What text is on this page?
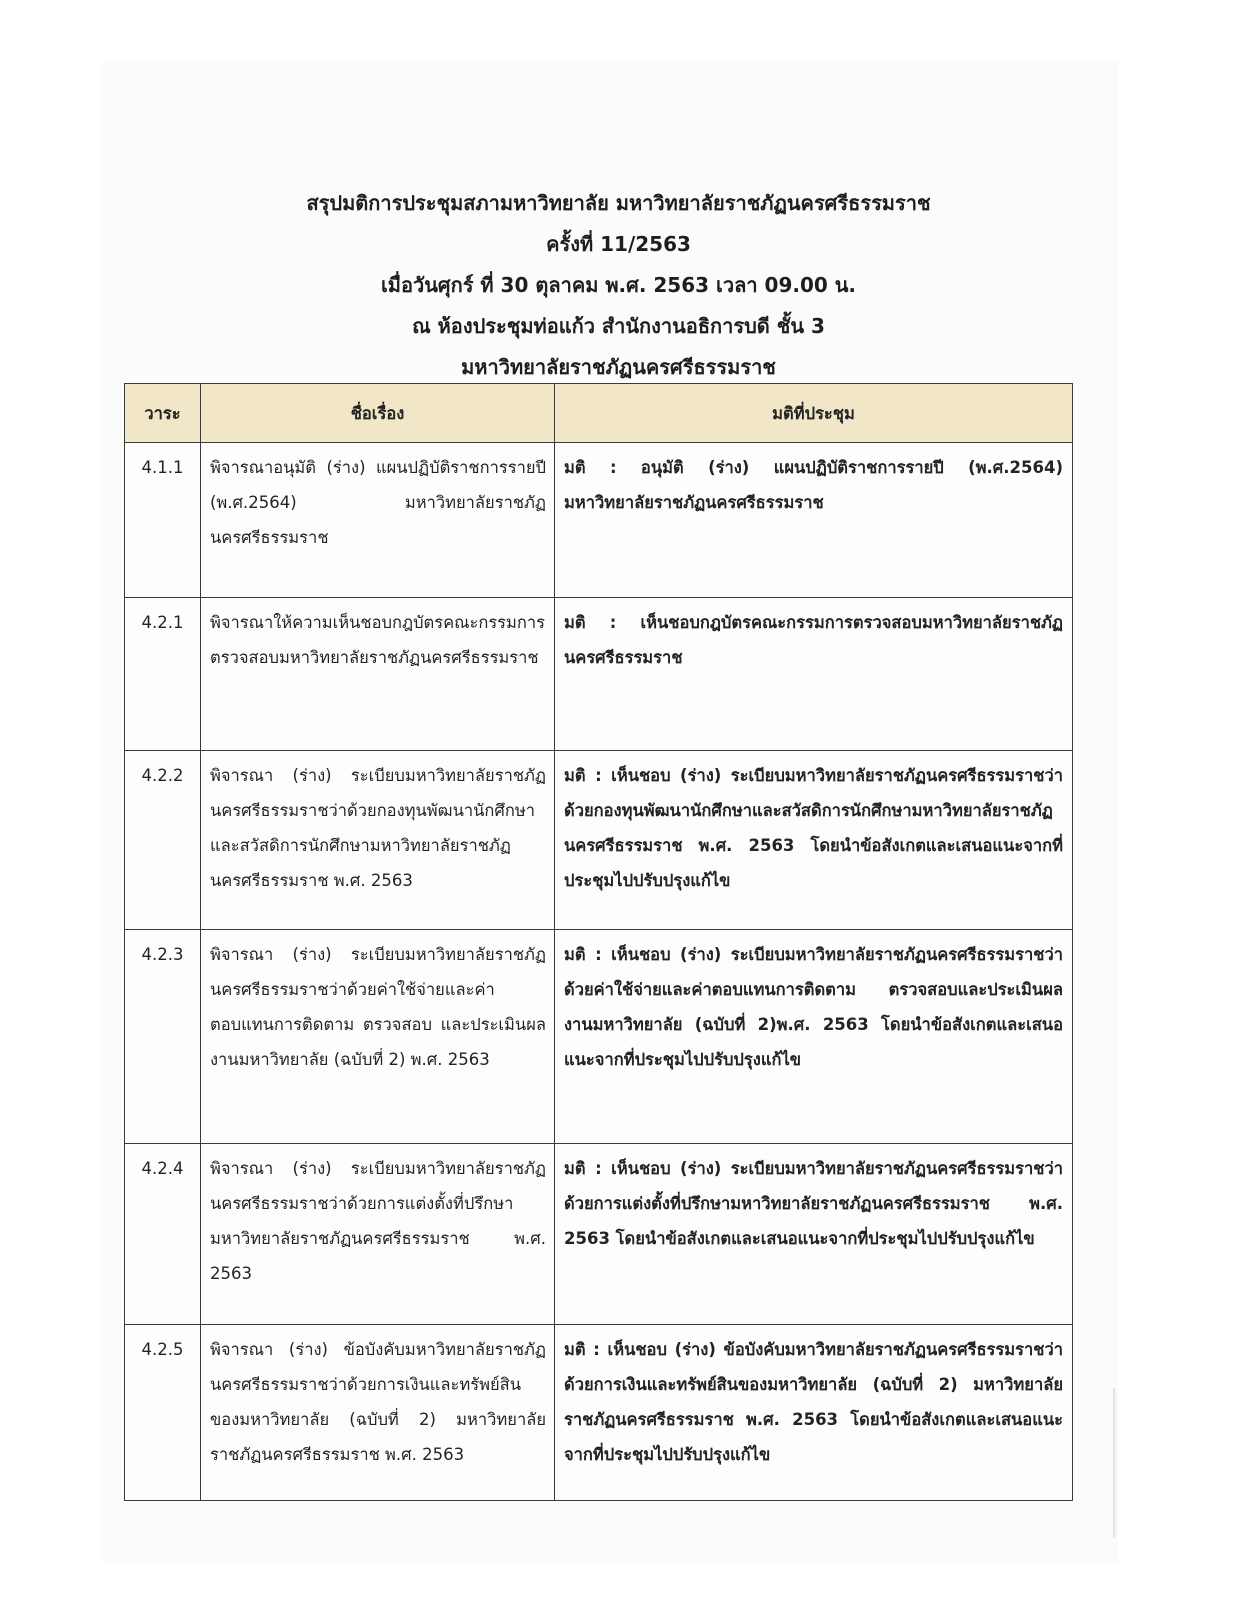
สรุปมติการประชุมสภามหาวิทยาลัย มหาวิทยาลัยราชภัฏนครศรีธรรมราช
ครั้งที่ 11/2563
เมื่อวันศุกร์ ที่ 30 ตุลาคม พ.ศ. 2563 เวลา 09.00 น.
ณ ห้องประชุมท่อแก้ว สำนักงานอธิการบดี ชั้น 3
มหาวิทยาลัยราชภัฏนครศรีธรรมราช
วาระ	ชื่อเรื่อง	มติที่ประชุม
4.1.1	พิจารณาอนุมัติ (ร่าง) แผนปฏิบัติราชการรายปี (พ.ศ.2564) มหาวิทยาลัยราชภัฏนครศรีธรรมราช	มติ : อนุมัติ (ร่าง) แผนปฏิบัติราชการรายปี (พ.ศ.2564) มหาวิทยาลัยราชภัฏนครศรีธรรมราช
4.2.1	พิจารณาให้ความเห็นชอบกฎบัตรคณะกรรมการตรวจสอบมหาวิทยาลัยราชภัฏนครศรีธรรมราช	มติ : เห็นชอบกฎบัตรคณะกรรมการตรวจสอบมหาวิทยาลัยราชภัฏนครศรีธรรมราช
4.2.2	พิจารณา (ร่าง) ระเบียบมหาวิทยาลัยราชภัฏนครศรีธรรมราชว่าด้วยกองทุนพัฒนานักศึกษาและสวัสดิการนักศึกษามหาวิทยาลัยราชภัฏนครศรีธรรมราช พ.ศ. 2563	มติ : เห็นชอบ (ร่าง) ระเบียบมหาวิทยาลัยราชภัฏนครศรีธรรมราชว่าด้วยกองทุนพัฒนานักศึกษาและสวัสดิการนักศึกษามหาวิทยาลัยราชภัฏนครศรีธรรมราช พ.ศ. 2563 โดยนำข้อสังเกตและเสนอแนะจากที่ประชุมไปปรับปรุงแก้ไข
4.2.3	พิจารณา (ร่าง) ระเบียบมหาวิทยาลัยราชภัฏนครศรีธรรมราชว่าด้วยค่าใช้จ่ายและค่าตอบแทนการติดตาม ตรวจสอบ และประเมินผลงานมหาวิทยาลัย (ฉบับที่ 2) พ.ศ. 2563	มติ : เห็นชอบ (ร่าง) ระเบียบมหาวิทยาลัยราชภัฏนครศรีธรรมราชว่าด้วยค่าใช้จ่ายและค่าตอบแทนการติดตาม ตรวจสอบและประเมินผลงานมหาวิทยาลัย (ฉบับที่ 2)พ.ศ. 2563 โดยนำข้อสังเกตและเสนอแนะจากที่ประชุมไปปรับปรุงแก้ไข
4.2.4	พิจารณา (ร่าง) ระเบียบมหาวิทยาลัยราชภัฏนครศรีธรรมราชว่าด้วยการแต่งตั้งที่ปรึกษามหาวิทยาลัยราชภัฏนครศรีธรรมราช พ.ศ. 2563	มติ : เห็นชอบ (ร่าง) ระเบียบมหาวิทยาลัยราชภัฏนครศรีธรรมราชว่าด้วยการแต่งตั้งที่ปรึกษามหาวิทยาลัยราชภัฏนครศรีธรรมราช พ.ศ. 2563 โดยนำข้อสังเกตและเสนอแนะจากที่ประชุมไปปรับปรุงแก้ไข
4.2.5	พิจารณา (ร่าง) ข้อบังคับมหาวิทยาลัยราชภัฏนครศรีธรรมราชว่าด้วยการเงินและทรัพย์สินของมหาวิทยาลัย (ฉบับที่ 2) มหาวิทยาลัยราชภัฏนครศรีธรรมราช พ.ศ. 2563	มติ : เห็นชอบ (ร่าง) ข้อบังคับมหาวิทยาลัยราชภัฏนครศรีธรรมราชว่าด้วยการเงินและทรัพย์สินของมหาวิทยาลัย (ฉบับที่ 2) มหาวิทยาลัยราชภัฏนครศรีธรรมราช พ.ศ. 2563 โดยนำข้อสังเกตและเสนอแนะจากที่ประชุมไปปรับปรุงแก้ไข
